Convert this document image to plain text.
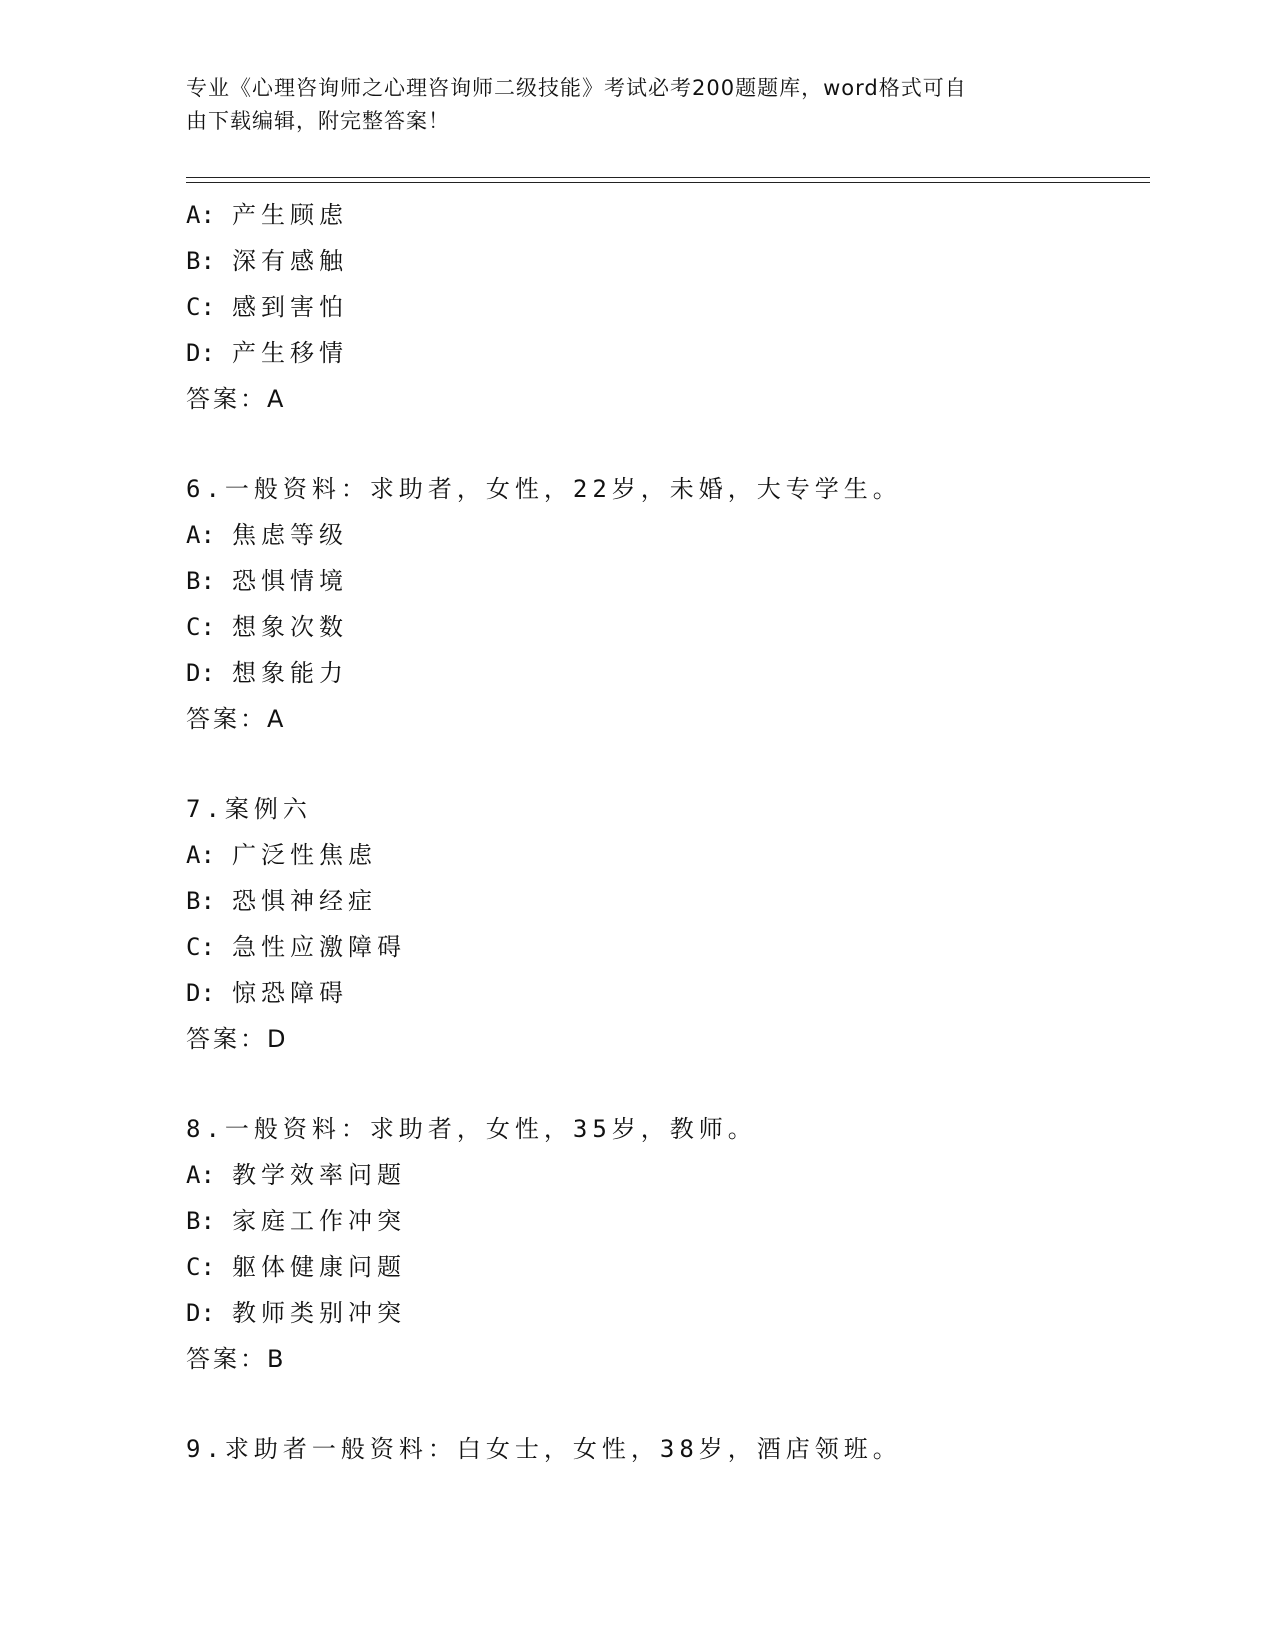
专业《心理咨询师之心理咨询师二级技能》考试必考200题题库，word格式可自
由下载编辑，附完整答案！
A: 产生顾虑
B: 深有感触
C: 感到害怕
D: 产生移情
答案：A
6.一般资料：求助者，女性，22岁，未婚，大专学生。
A: 焦虑等级
B: 恐惧情境
C: 想象次数
D: 想象能力
答案：A
7.案例六
A: 广泛性焦虑
B: 恐惧神经症
C: 急性应激障碍
D: 惊恐障碍
答案：D
8.一般资料：求助者，女性，35岁，教师。
A: 教学效率问题
B: 家庭工作冲突
C: 躯体健康问题
D: 教师类别冲突
答案：B
9.求助者一般资料：白女士，女性，38岁，酒店领班。
